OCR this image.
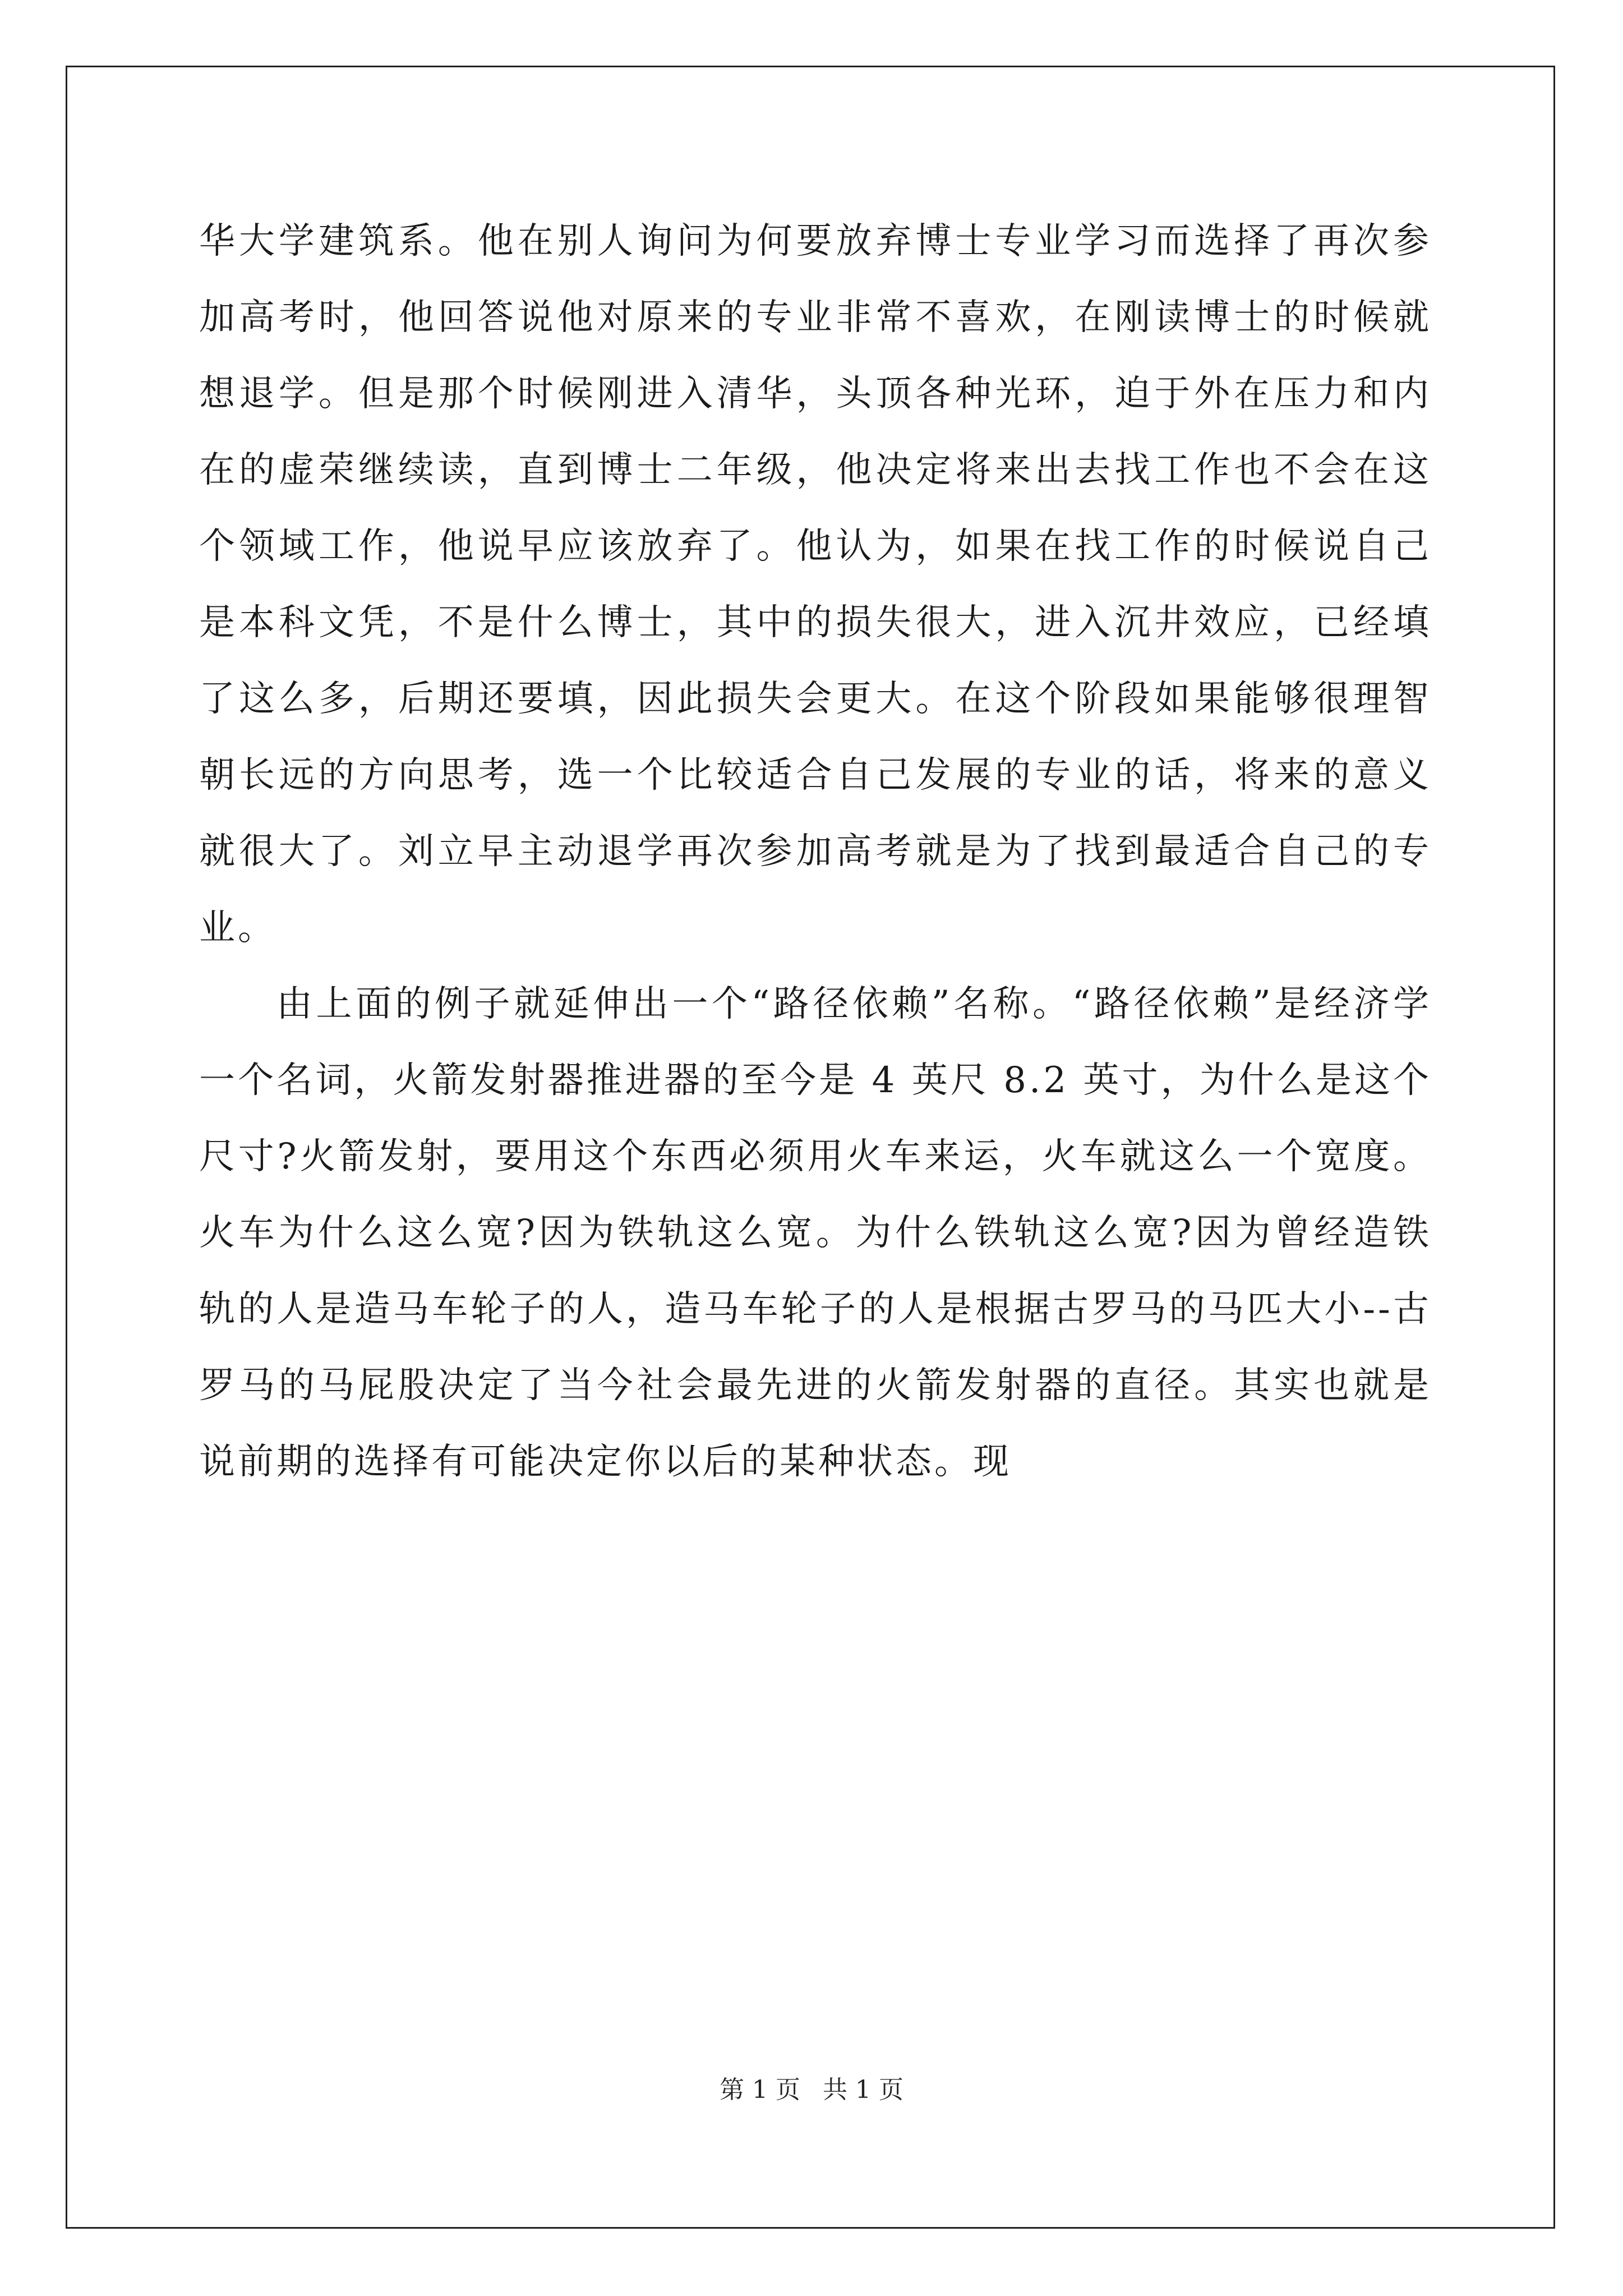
华大学建筑系。他在别人询问为何要放弃博士专业学习而选择了再次参加高考时，他回答说他对原来的专业非常不喜欢，在刚读博士的时候就想退学。但是那个时候刚进入清华，头顶各种光环，迫于外在压力和内在的虚荣继续读，直到博士二年级，他决定将来出去找工作也不会在这个领域工作，他说早应该放弃了。他认为，如果在找工作的时候说自己是本科文凭，不是什么博士，其中的损失很大，进入沉井效应，已经填了这么多，后期还要填，因此损失会更大。在这个阶段如果能够很理智朝长远的方向思考，选一个比较适合自己发展的专业的话，将来的意义就很大了。刘立早主动退学再次参加高考就是为了找到最适合自己的专业。

由上面的例子就延伸出一个“路径依赖”名称。“路径依赖”是经济学一个名词，火箭发射器推进器的至今是 4 英尺 8.2 英寸，为什么是这个尺寸?火箭发射，要用这个东西必须用火车来运，火车就这么一个宽度。火车为什么这么宽?因为铁轨这么宽。为什么铁轨这么宽?因为曾经造铁轨的人是造马车轮子的人，造马车轮子的人是根据古罗马的马匹大小--古罗马的马屁股决定了当今社会最先进的火箭发射器的直径。其实也就是说前期的选择有可能决定你以后的某种状态。现

第 1 页 共 1 页
